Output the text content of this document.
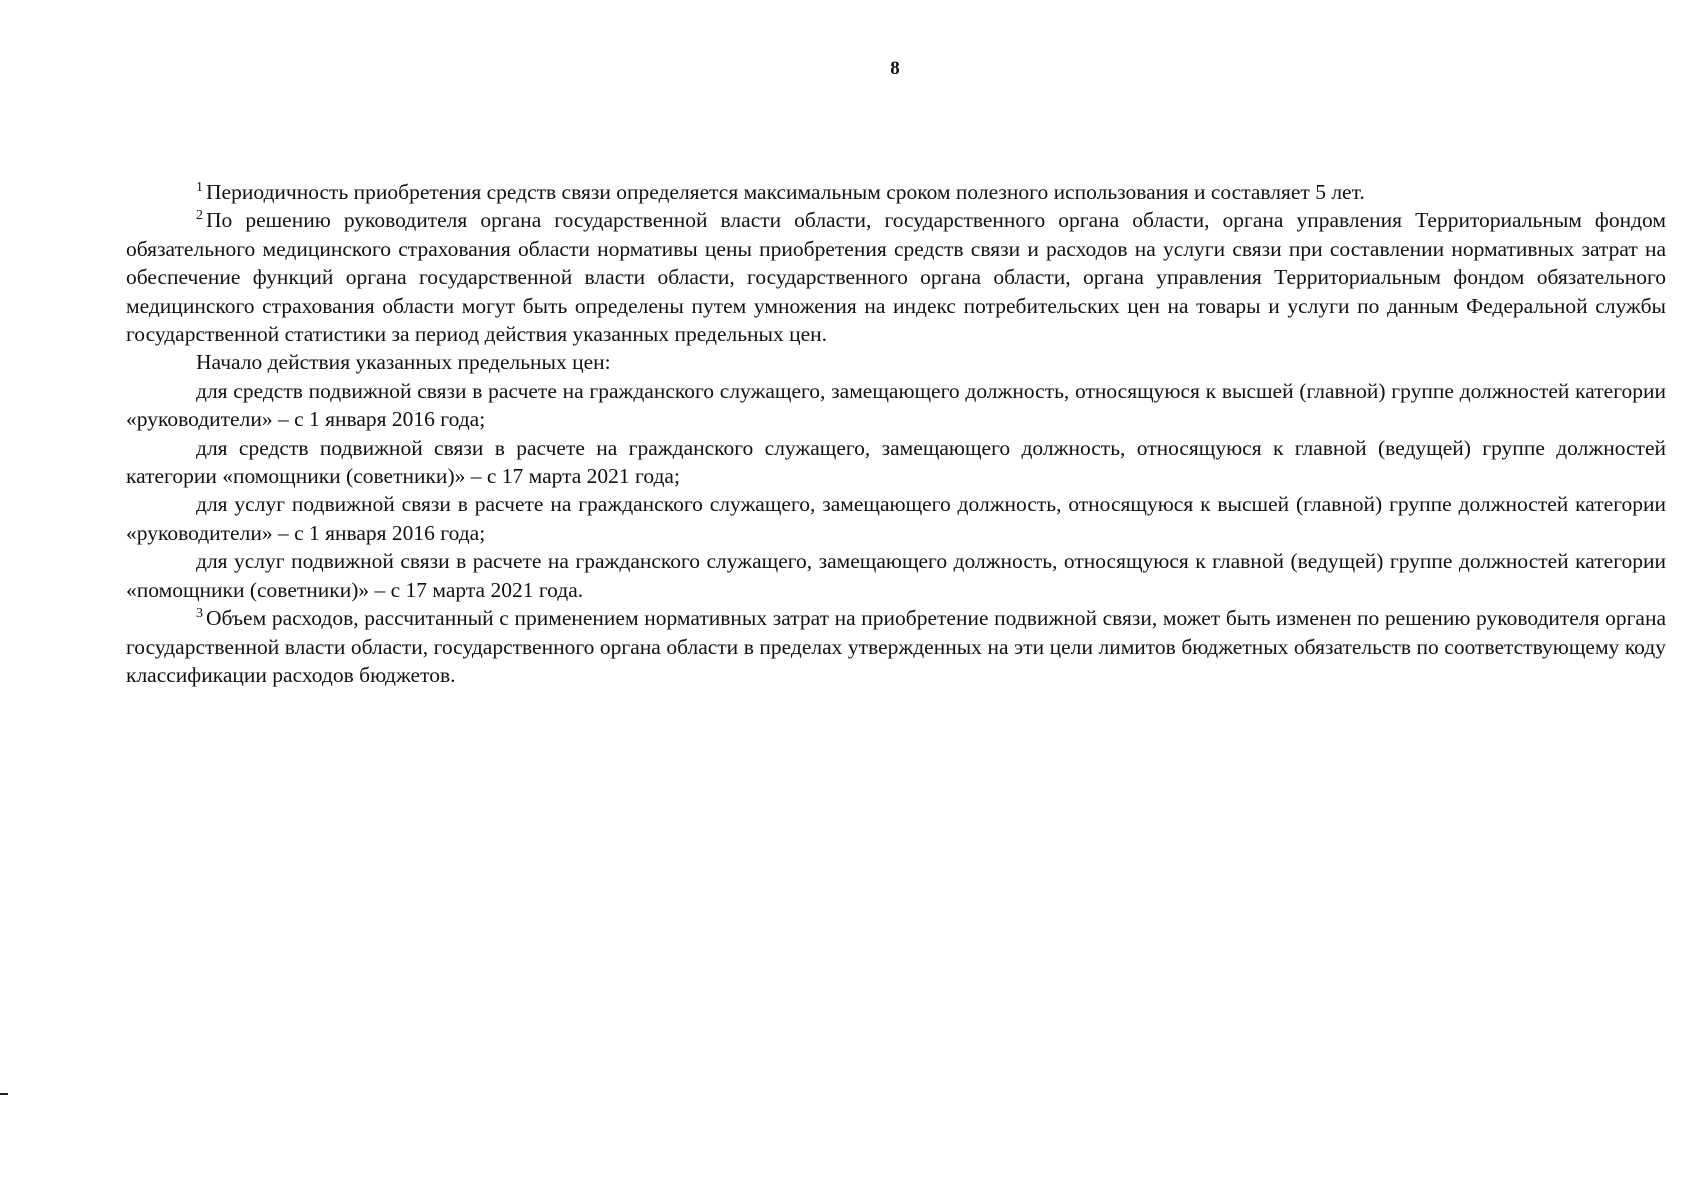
8

$^1$ Периодичность приобретения средств связи определяется максимальным сроком полезного использования и составляет 5 лет.

$^2$ По решению руководителя органа государственной власти области, государственного органа области, органа управления Территориальным фондом обязательного медицинского страхования области нормативы цены приобретения средств связи и расходов на услуги связи при составлении нормативных затрат на обеспечение функций органа государственной власти области, государственного органа области, органа управления Территориальным фондом обязательного медицинского страхования области могут быть определены путем умножения на индекс потребительских цен на товары и услуги по данным Федеральной службы государственной статистики за период действия указанных предельных цен.

Начало действия указанных предельных цен:

для средств подвижной связи в расчете на гражданского служащего, замещающего должность, относящуюся к высшей (главной) группе должностей категории «руководители» – с 1 января 2016 года;

для средств подвижной связи в расчете на гражданского служащего, замещающего должность, относящуюся к главной (ведущей) группе должностей категории «помощники (советники)» – с 17 марта 2021 года;

для услуг подвижной связи в расчете на гражданского служащего, замещающего должность, относящуюся к высшей (главной) группе должностей категории «руководители» – с 1 января 2016 года;

для услуг подвижной связи в расчете на гражданского служащего, замещающего должность, относящуюся к главной (ведущей) группе должностей категории «помощники (советники)» – с 17 марта 2021 года.

$^3$ Объем расходов, рассчитанный с применением нормативных затрат на приобретение подвижной связи, может быть изменен по решению руководителя органа государственной власти области, государственного органа области в пределах утвержденных на эти цели лимитов бюджетных обязательств по соответствующему коду классификации расходов бюджетов.
